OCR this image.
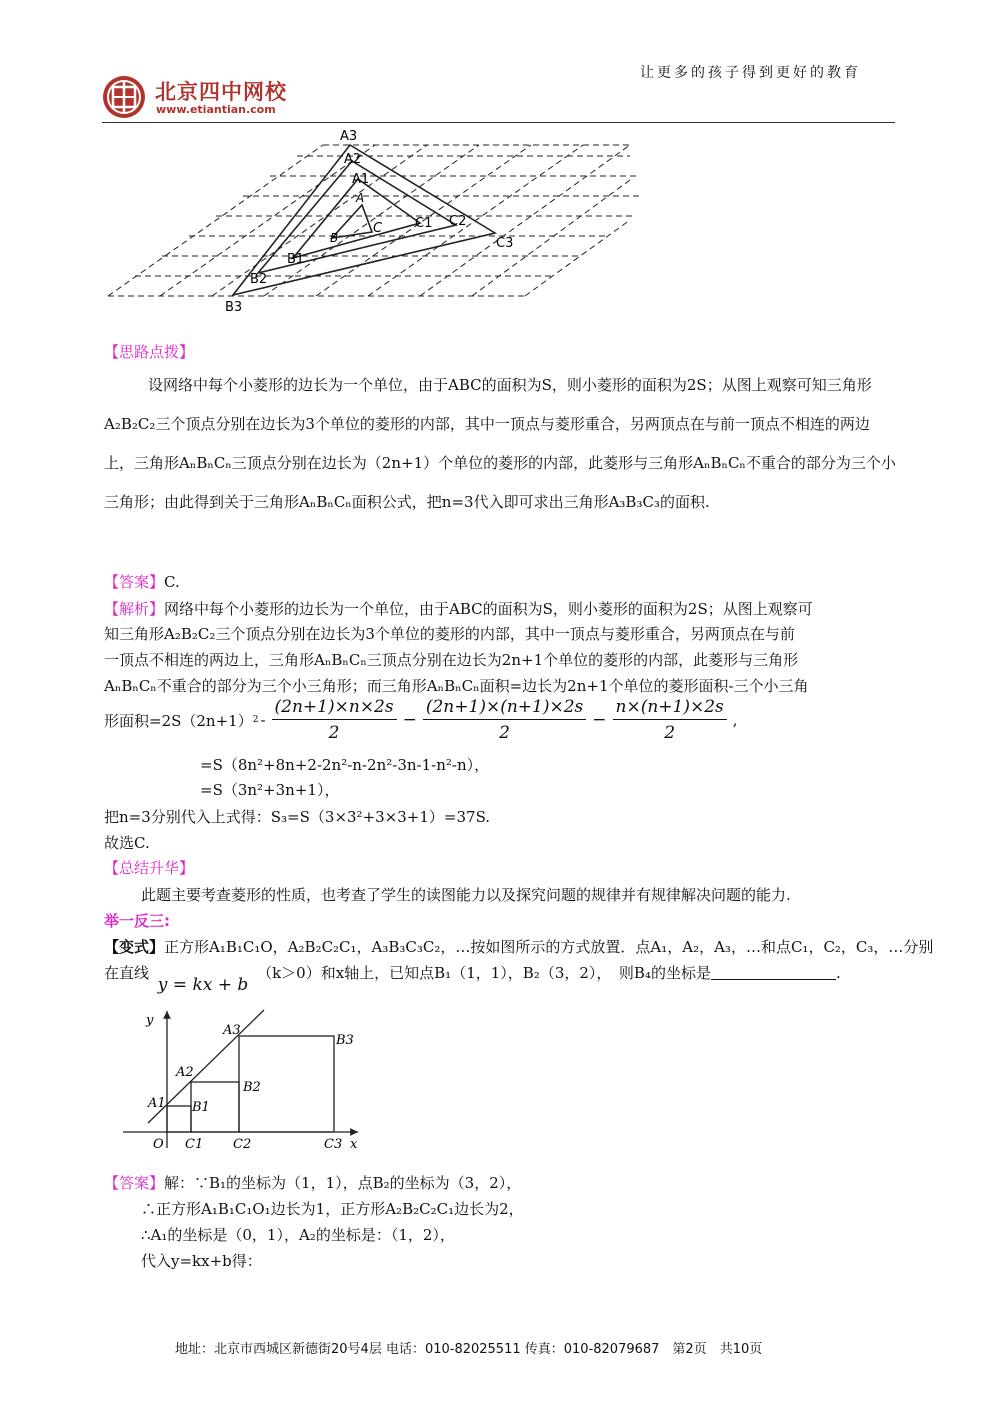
让更多的孩子得到更好的教育
北京四中网校
www.etiantian.com
A3
A2
A1
A
C	C1 C2
C3
B
B1
B2
B3
【思路点拨】
设网络中每个小菱形的边长为一个单位，由于ABC的面积为S，则小菱形的面积为2S；从图上观察可知三角形A₂B₂C₂三个顶点分别在边长为3个单位的菱形的内部，其中一顶点与菱形重合，另两顶点在与前一顶点不相连的两边上，三角形AₙBₙCₙ三顶点分别在边长为（2n+1）个单位的菱形的内部，此菱形与三角形AₙBₙCₙ不重合的部分为三个小三角形；由此得到关于三角形AₙBₙCₙ面积公式，把n=3代入即可求出三角形A₃B₃C₃的面积.
【答案】C.
【解析】网络中每个小菱形的边长为一个单位，由于ABC的面积为S，则小菱形的面积为2S；从图上观察可
知三角形A₂B₂C₂三个顶点分别在边长为3个单位的菱形的内部，其中一顶点与菱形重合，另两顶点在与前
一顶点不相连的两边上，三角形AₙBₙCₙ三顶点分别在边长为2n+1个单位的菱形的内部，此菱形与三角形
AₙBₙCₙ不重合的部分为三个小三角形；而三角形AₙBₙCₙ面积=边长为2n+1个单位的菱形面积-三个小三角
形面积=2S（2n+1） $2 - \frac{(2n+1)\times n\times 2s}{2} - \frac{(2n+1)\times(n+1)\times 2s}{2} - \frac{n\times(n+1)\times 2s}{2}$ ,
=S（8n²+8n+2-2n²-n-2n²-3n-1-n²-n），
=S（3n²+3n+1），
把n=3分别代入上式得：S₃=S（3×3²+3×3+1）=37S.
故选C.
【总结升华】
此题主要考查菱形的性质，也考查了学生的读图能力以及探究问题的规律并有规律解决问题的能力.
举一反三:
【变式】正方形A₁B₁C₁O，A₂B₂C₂C₁，A₃B₃C₃C₂，…按如图所示的方式放置．点A₁，A₂，A₃，…和点C₁，C₂，C₃，…分别
在直线 y = kx + b （k＞0）和x轴上，已知点B₁（1，1），B₂（3，2），　则B₄的坐标是	.
y
A3
B3
A2
B2
A1 B1
O C1 C2	C3 x
【答案】解：∵B₁的坐标为（1，1），点B₂的坐标为（3，2），
∴正方形A₁B₁C₁O₁边长为1，正方形A₂B₂C₂C₁边长为2，
∴A₁的坐标是（0，1），A₂的坐标是：（1，2），
代入y=kx+b得：
地址：北京市西城区新德街20号4层 电话：010-82025511 传真：010-82079687　第2页　共10页
